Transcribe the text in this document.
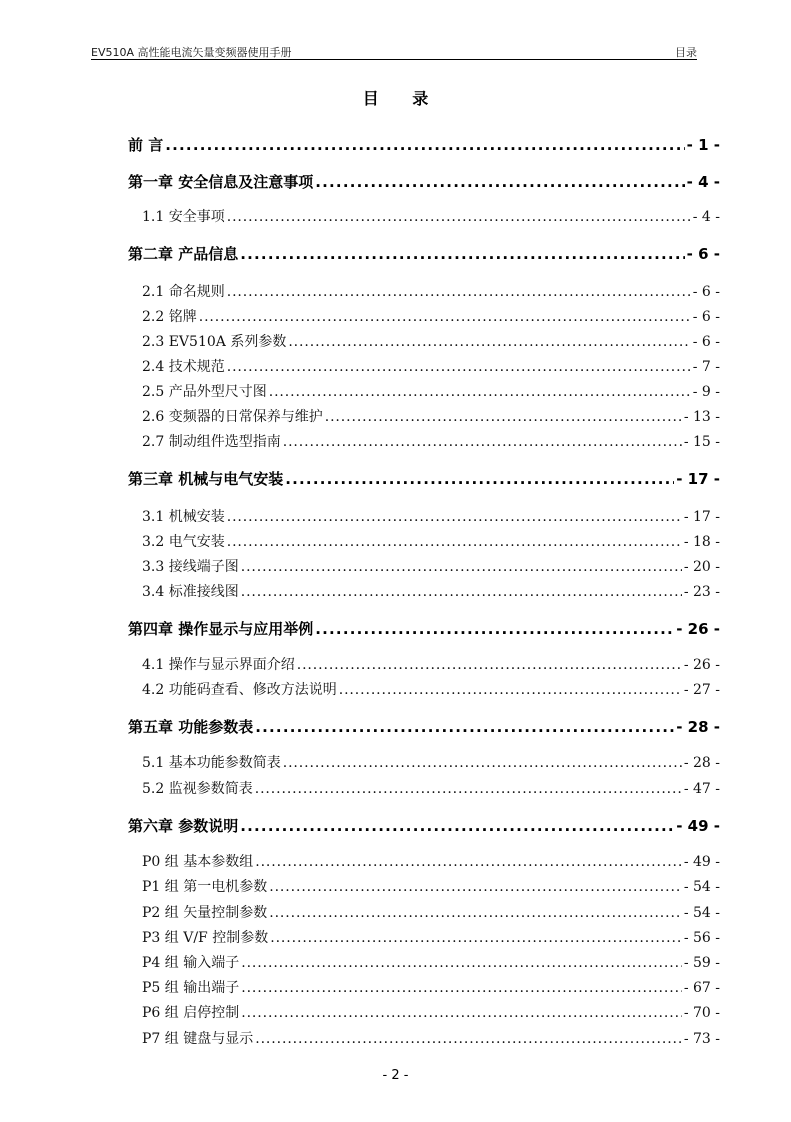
EV510A 高性能电流矢量变频器使用手册	目录
目 录
前 言 .....	- 1 -
第一章 安全信息及注意事项 .....	- 4 -
1.1 安全事项 .....	- 4 -
第二章 产品信息 .....	- 6 -
2.1 命名规则 .....	- 6 -
2.2 铭牌 .....	- 6 -
2.3 EV510A 系列参数 .....	- 6 -
2.4 技术规范 .....	- 7 -
2.5 产品外型尺寸图 .....	- 9 -
2.6 变频器的日常保养与维护 .....	- 13 -
2.7 制动组件选型指南 .....	- 15 -
第三章 机械与电气安装 .....	- 17 -
3.1 机械安装 .....	- 17 -
3.2 电气安装 .....	- 18 -
3.3 接线端子图 .....	- 20 -
3.4 标准接线图 .....	- 23 -
第四章 操作显示与应用举例 .....	- 26 -
4.1 操作与显示界面介绍 .....	- 26 -
4.2 功能码查看、修改方法说明 .....	- 27 -
第五章 功能参数表 .....	- 28 -
5.1 基本功能参数简表 .....	- 28 -
5.2 监视参数简表 .....	- 47 -
第六章 参数说明 .....	- 49 -
P0 组 基本参数组 .....	- 49 -
P1 组 第一电机参数 .....	- 54 -
P2 组 矢量控制参数 .....	- 54 -
P3 组 V/F 控制参数 .....	- 56 -
P4 组 输入端子 .....	- 59 -
P5 组 输出端子 .....	- 67 -
P6 组 启停控制 .....	- 70 -
P7 组 键盘与显示 .....	- 73 -
- 2 -
